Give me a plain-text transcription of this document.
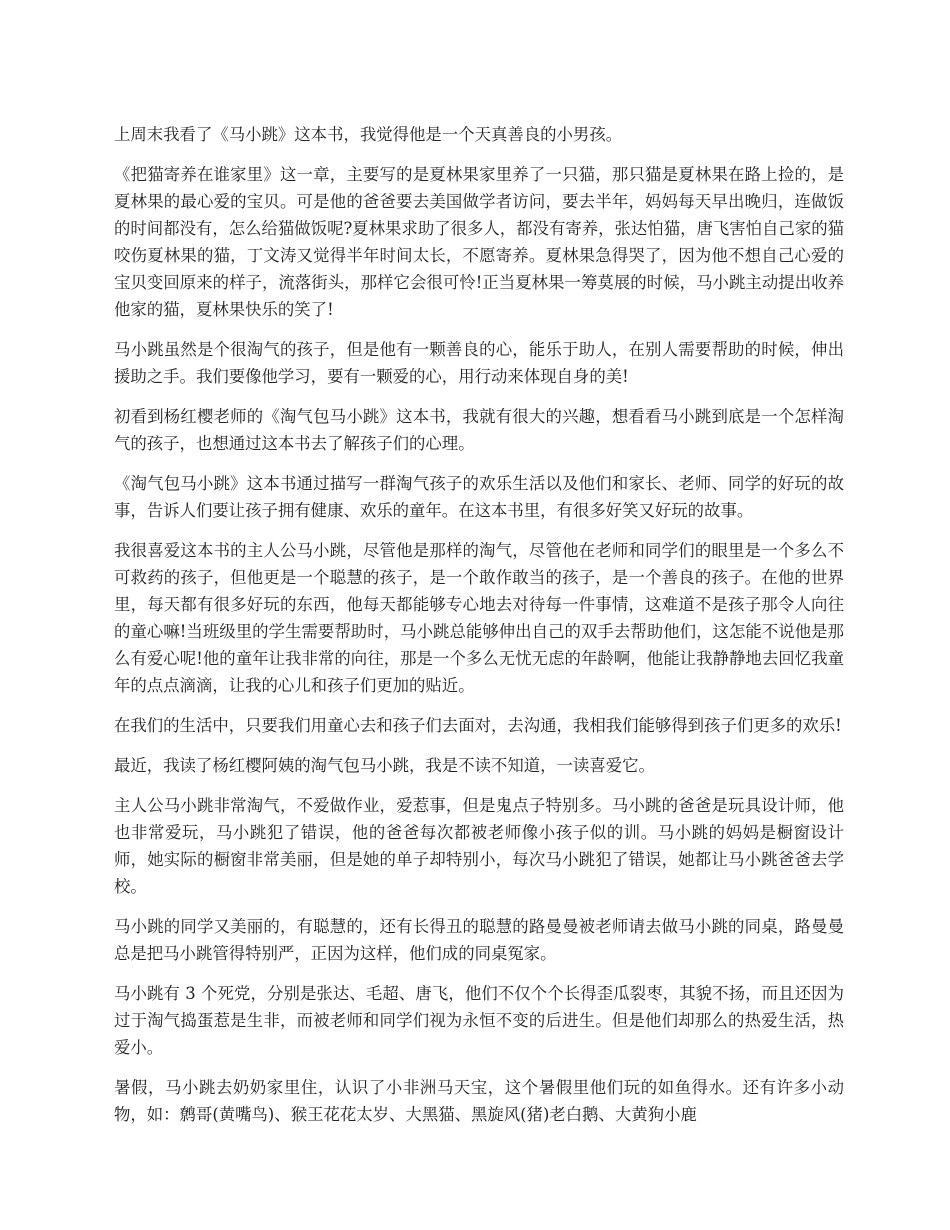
上周末我看了《马小跳》这本书，我觉得他是一个天真善良的小男孩。

《把猫寄养在谁家里》这一章，主要写的是夏林果家里养了一只猫，那只猫是夏林果在路上捡的，是夏林果的最心爱的宝贝。可是他的爸爸要去美国做学者访问，要去半年，妈妈每天早出晚归，连做饭的时间都没有，怎么给猫做饭呢?夏林果求助了很多人，都没有寄养，张达怕猫，唐飞害怕自己家的猫咬伤夏林果的猫，丁文涛又觉得半年时间太长，不愿寄养。夏林果急得哭了，因为他不想自己心爱的宝贝变回原来的样子，流落街头，那样它会很可怜!正当夏林果一筹莫展的时候，马小跳主动提出收养他家的猫，夏林果快乐的笑了!

马小跳虽然是个很淘气的孩子，但是他有一颗善良的心，能乐于助人，在别人需要帮助的时候，伸出援助之手。我们要像他学习，要有一颗爱的心，用行动来体现自身的美!

初看到杨红樱老师的《淘气包马小跳》这本书，我就有很大的兴趣，想看看马小跳到底是一个怎样淘气的孩子，也想通过这本书去了解孩子们的心理。

《淘气包马小跳》这本书通过描写一群淘气孩子的欢乐生活以及他们和家长、老师、同学的好玩的故事，告诉人们要让孩子拥有健康、欢乐的童年。在这本书里，有很多好笑又好玩的故事。

我很喜爱这本书的主人公马小跳，尽管他是那样的淘气，尽管他在老师和同学们的眼里是一个多么不可救药的孩子，但他更是一个聪慧的孩子，是一个敢作敢当的孩子，是一个善良的孩子。在他的世界里，每天都有很多好玩的东西，他每天都能够专心地去对待每一件事情，这难道不是孩子那令人向往的童心嘛!当班级里的学生需要帮助时，马小跳总能够伸出自己的双手去帮助他们，这怎能不说他是那么有爱心呢!他的童年让我非常的向往，那是一个多么无忧无虑的年龄啊，他能让我静静地去回忆我童年的点点滴滴，让我的心儿和孩子们更加的贴近。

在我们的生活中，只要我们用童心去和孩子们去面对，去沟通，我相我们能够得到孩子们更多的欢乐!

最近，我读了杨红樱阿姨的淘气包马小跳，我是不读不知道，一读喜爱它。

主人公马小跳非常淘气，不爱做作业，爱惹事，但是鬼点子特别多。马小跳的爸爸是玩具设计师，他也非常爱玩，马小跳犯了错误，他的爸爸每次都被老师像小孩子似的训。马小跳的妈妈是橱窗设计师，她实际的橱窗非常美丽，但是她的单子却特别小，每次马小跳犯了错误，她都让马小跳爸爸去学校。

马小跳的同学又美丽的，有聪慧的，还有长得丑的聪慧的路曼曼被老师请去做马小跳的同桌，路曼曼总是把马小跳管得特别严，正因为这样，他们成的同桌冤家。

马小跳有 3 个死党，分别是张达、毛超、唐飞，他们不仅个个长得歪瓜裂枣，其貌不扬，而且还因为过于淘气捣蛋惹是生非，而被老师和同学们视为永恒不变的后进生。但是他们却那么的热爱生活，热爱小。

暑假，马小跳去奶奶家里住，认识了小非洲马天宝，这个暑假里他们玩的如鱼得水。还有许多小动物，如：鹩哥(黄嘴鸟)、猴王花花太岁、大黑猫、黑旋风(猪)老白鹅、大黄狗小鹿
